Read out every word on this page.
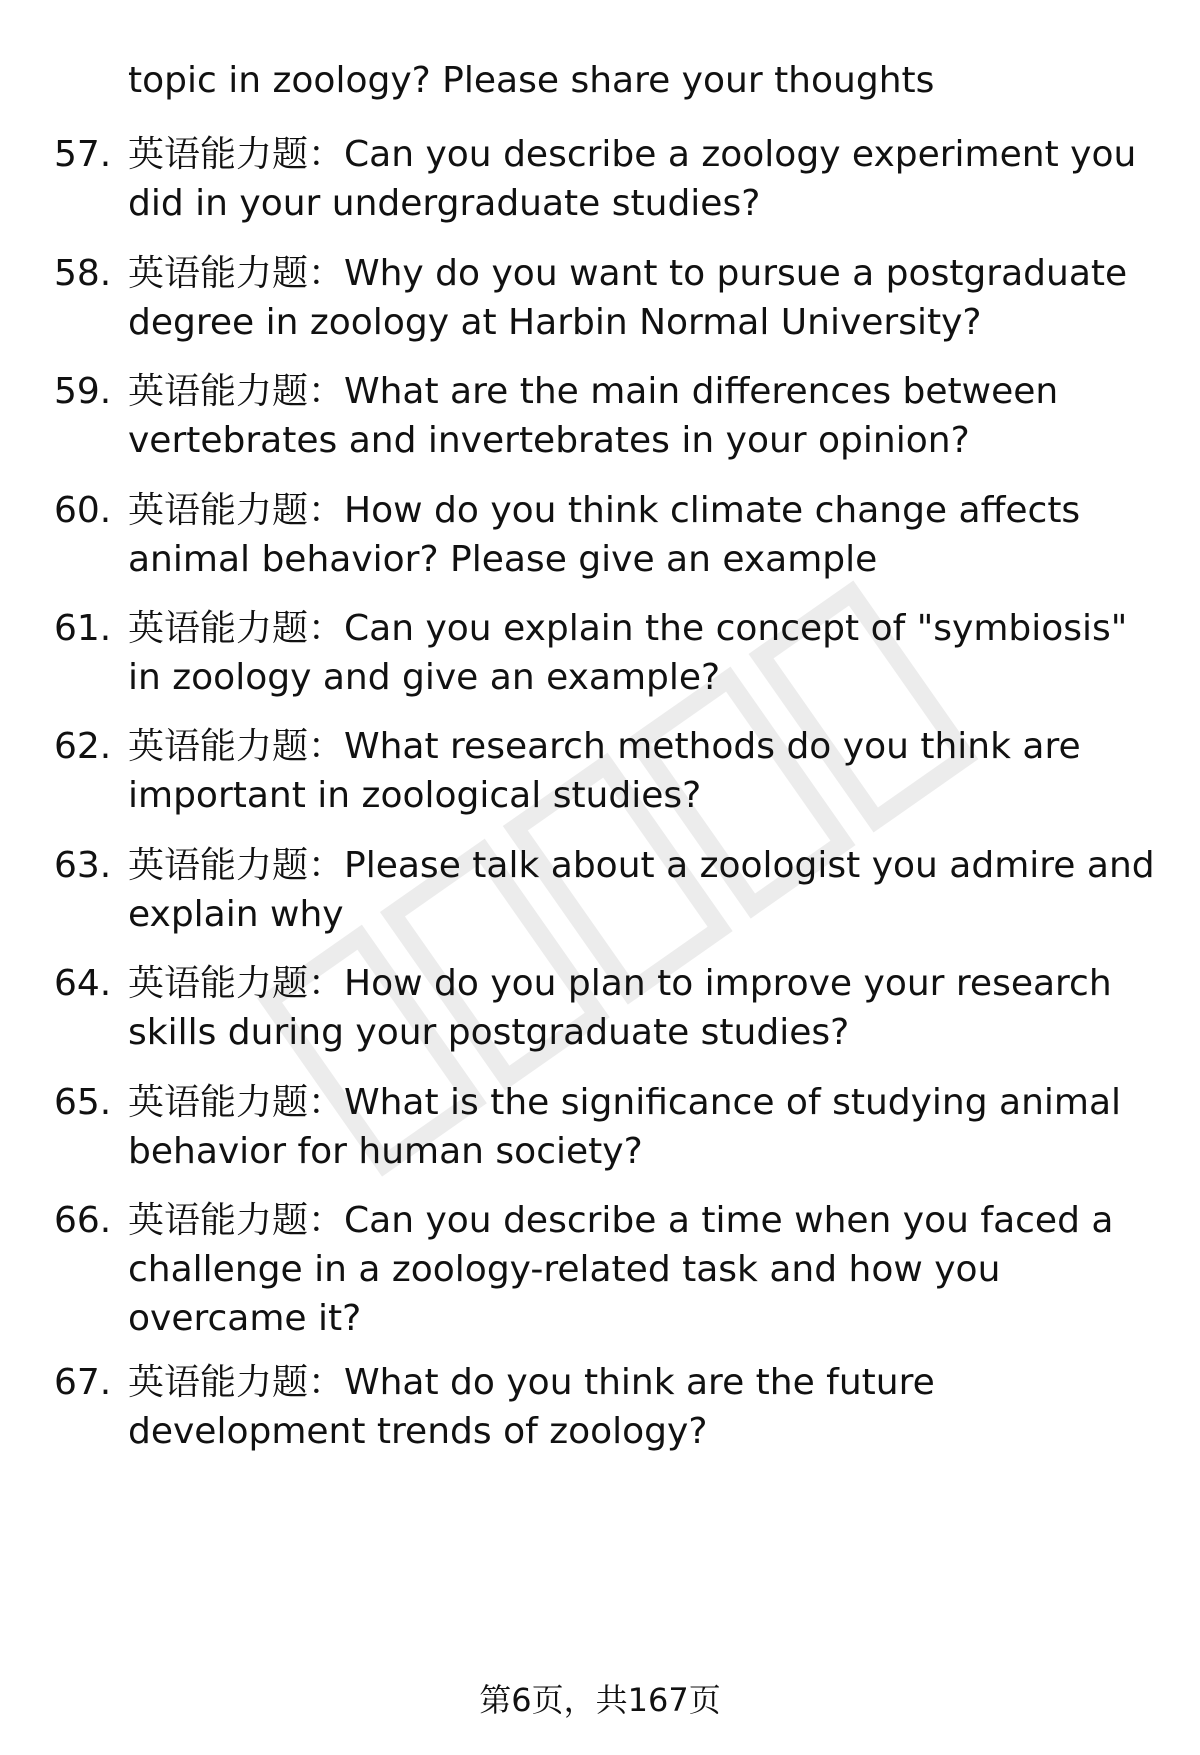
topic in zoology? Please share your thoughts
57. 英语能力题：Can you describe a zoology experiment you did in your undergraduate studies?
58. 英语能力题：Why do you want to pursue a postgraduate degree in zoology at Harbin Normal University?
59. 英语能力题：What are the main differences between vertebrates and invertebrates in your opinion?
60. 英语能力题：How do you think climate change affects animal behavior? Please give an example
61. 英语能力题：Can you explain the concept of "symbiosis" in zoology and give an example?
62. 英语能力题：What research methods do you think are important in zoological studies?
63. 英语能力题：Please talk about a zoologist you admire and explain why
64. 英语能力题：How do you plan to improve your research skills during your postgraduate studies?
65. 英语能力题：What is the significance of studying animal behavior for human society?
66. 英语能力题：Can you describe a time when you faced a challenge in a zoology-related task and how you overcame it?
67. 英语能力题：What do you think are the future development trends of zoology?
第6页，共167页
